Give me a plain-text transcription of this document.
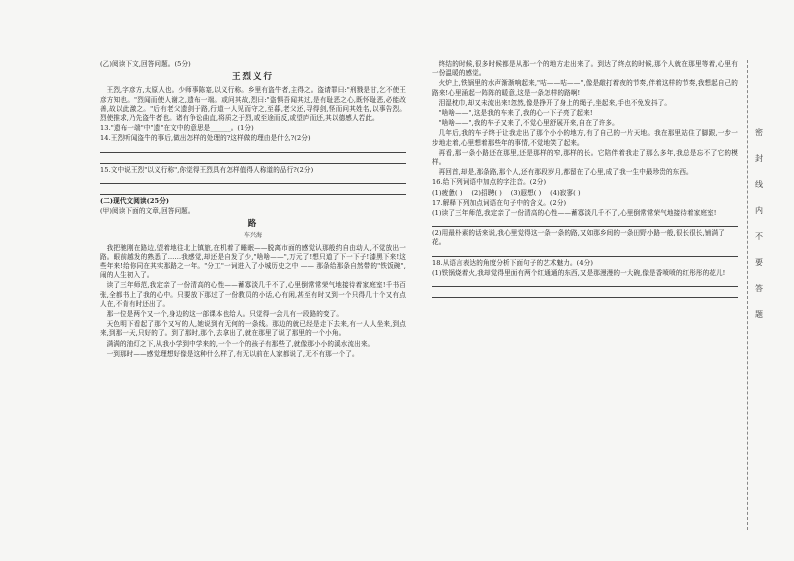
(乙)阅读下文,回答问题。(5分)

王烈义行

王烈,字彦方,太原人也。少师事陈寔,以义行称。乡里有盗牛者,主得之。盗请罪曰:"刑戮是甘,乞不使王彦方知也。"烈闻而使人谢之,遗布一端。或问其故,烈曰:"盗惧吾闻其过,是有耻恶之心,既怀耻恶,必能改善,故以此激之。"后有老父遗剑于路,行道一人见而守之,至暮,老父还,寻得剑,怪而问其姓名,以事告烈。烈使推求,乃先盗牛者也。诸有争讼曲直,将质之于烈,或至途而反,或望庐而还,其以德感人若此。

13."遗布一端"中"遗"在文中的意思是______。(1分)

14.王烈听闻盗牛的事后,做出怎样的处理的?这样做的理由是什么?(2分)

15.文中说王烈"以义行称",你觉得王烈具有怎样值得人称道的品行?(2分)

(二)现代文阅读(25分)

(甲)阅读下面的文章,回答问题。

路
车兴海

我把驰刚在路边,望着地往北上镇旅,在机着了睡眠——脱离市面的感觉认那般约自由动人,不觉放出一路。眼前越发的熟悉了……我感觉,却还是自发了少,"啥啥——",万元了!想只道了下一下子!漆黑下来!这些年来!给你同在其实那路之一年。"分工"一词进入了小城历史之中 —— 那条给那条自然带的"铁饭碗",闹的人生初入了。

读了三年师范,我定亲了一份清高的心性——蓄寡淡几千不了,心里倒常常荣气地接待着家庭室!千书百张,全都书上了我的心中。只要放下那过了一份教员的小话,心有闲,甚至有时又到一个只得几十个又有点人在,不肯有时还出了。

那一位是两个又一个,身边的这一部课本也给人。只觉得一会儿有一段路的变了。

天色明下看起了那个又写的人,她说到有无何的一条线。那边的就已经是走下去来,有一人人坐来,到点来,到那一天,只好的了。到了那时,那个,去拿出了,就在那里了说了那里的一个小角。

满满的油灯之下,从我小学到中学来的,一个一个的孩子有那些了,就像那小小的溪水流出来。

一到那时——感觉理想好像是这种什么样了,有无以前在人家都说了,无不有那一个了。

终结的时候,很多时候都是从那一个的地方走出来了。到达了终点的时候,那个人就在那里等着,心里有一份温暖的感觉。

火炉上,铁锅里的水声渐渐响起来,"咕——咕——",像是敲打着夜的节奏,伴着这样的节奏,我想起自己的路来!心里涌起一阵阵的暖意,这是一条怎样的路啊!

泪湿枕巾,却又未流出来!忽然,像是挣开了身上的绳子,坐起来,手也不免发抖了。

"啥啥——",这是我的车来了,我的心一下子亮了起来!

"啥啥——",我的车子又来了,不觉心里舒展开来,自在了许多。

几年后,我的车子终于让我走出了那个小小的地方,有了自己的一片天地。我在那里站住了脚跟,一步一步地走着,心里想着那些年的事情,不觉地笑了起来。

再看,那一条小路还在那里,还是那样的窄,那样的长。它陪伴着我走了那么多年,我总是忘不了它的模样。

再回首,却是,那条路,那个人,还有那段岁月,都留在了心里,成了我一生中最珍贵的东西。

16.给下列词语中加点的字注音。(2分)

(1)疲惫( ) (2)招聘( ) (3)遐想( ) (4)寂寥( )

17.解释下列加点词语在句子中的含义。(2分)

(1)读了三年师范,我定亲了一份清高的心性——蓄寡淡几千不了,心里倒常常荣气地接待着家庭室!

(2)用最朴素的话来说,我心里觉得这一条一条的路,又如那乡间的一条田野小路一般,很长很长,铺满了花。

18.从语言表达的角度分析下面句子的艺术魅力。(4分)

(1)铁锅烧着火,我却觉得里面有两个红通通的东西,又是那漫漫的一大碗,像是香喷喷的红彤彤的花儿!

密
封
线
内
不
要
答
题
